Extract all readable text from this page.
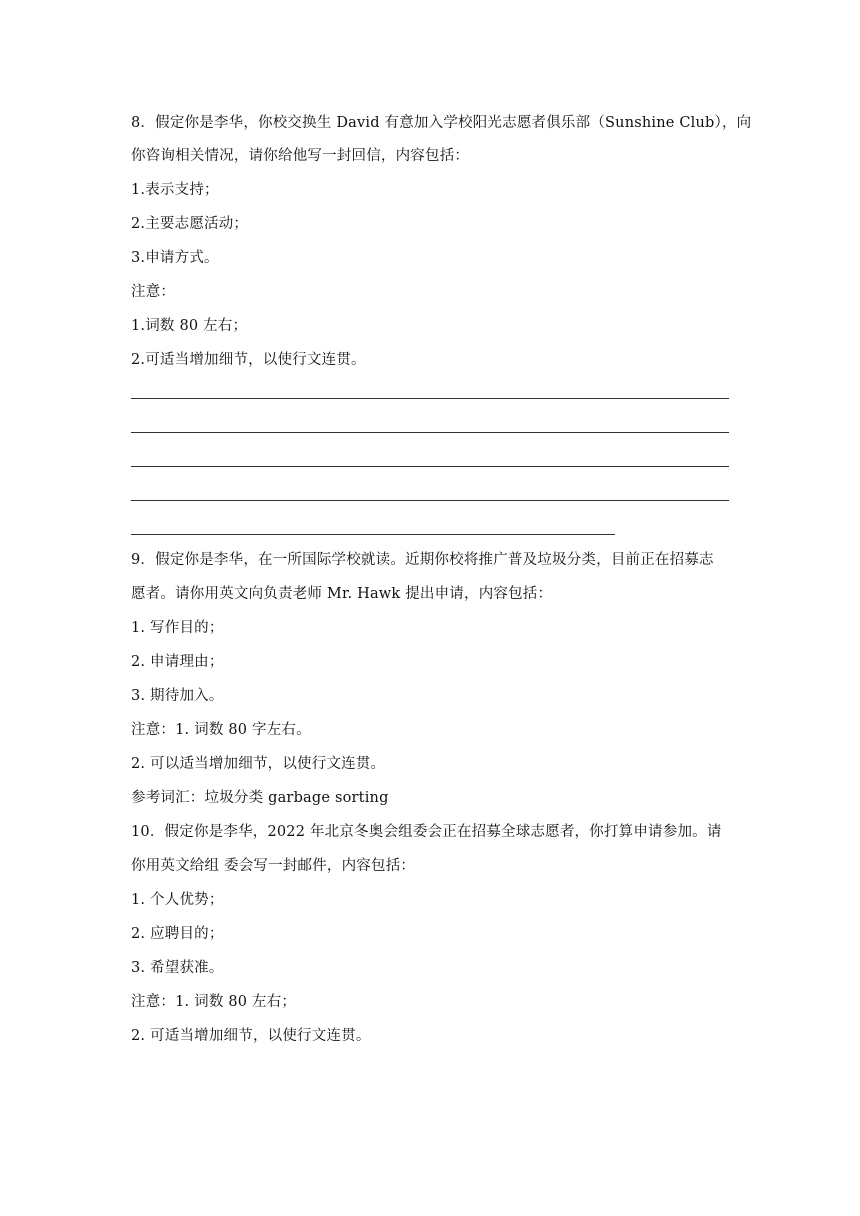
8．假定你是李华，你校交换生 David 有意加入学校阳光志愿者俱乐部（Sunshine Club），向
你咨询相关情况，请你给他写一封回信，内容包括：
1.表示支持；
2.主要志愿活动；
3.申请方式。
注意：
1.词数 80 左右；
2.可适当增加细节，以使行文连贯。
9．假定你是李华，在一所国际学校就读。近期你校将推广普及垃圾分类，目前正在招募志
愿者。请你用英文向负责老师 Mr. Hawk 提出申请，内容包括：
1. 写作目的；
2. 申请理由；
3. 期待加入。
注意：1. 词数 80 字左右。
2. 可以适当增加细节，以使行文连贯。
参考词汇：垃圾分类 garbage sorting
10．假定你是李华，2022 年北京冬奥会组委会正在招募全球志愿者，你打算申请参加。请
你用英文给组 委会写一封邮件，内容包括：
1. 个人优势；
2. 应聘目的；
3. 希望获准。
注意：1. 词数 80 左右；
2. 可适当增加细节，以使行文连贯。
